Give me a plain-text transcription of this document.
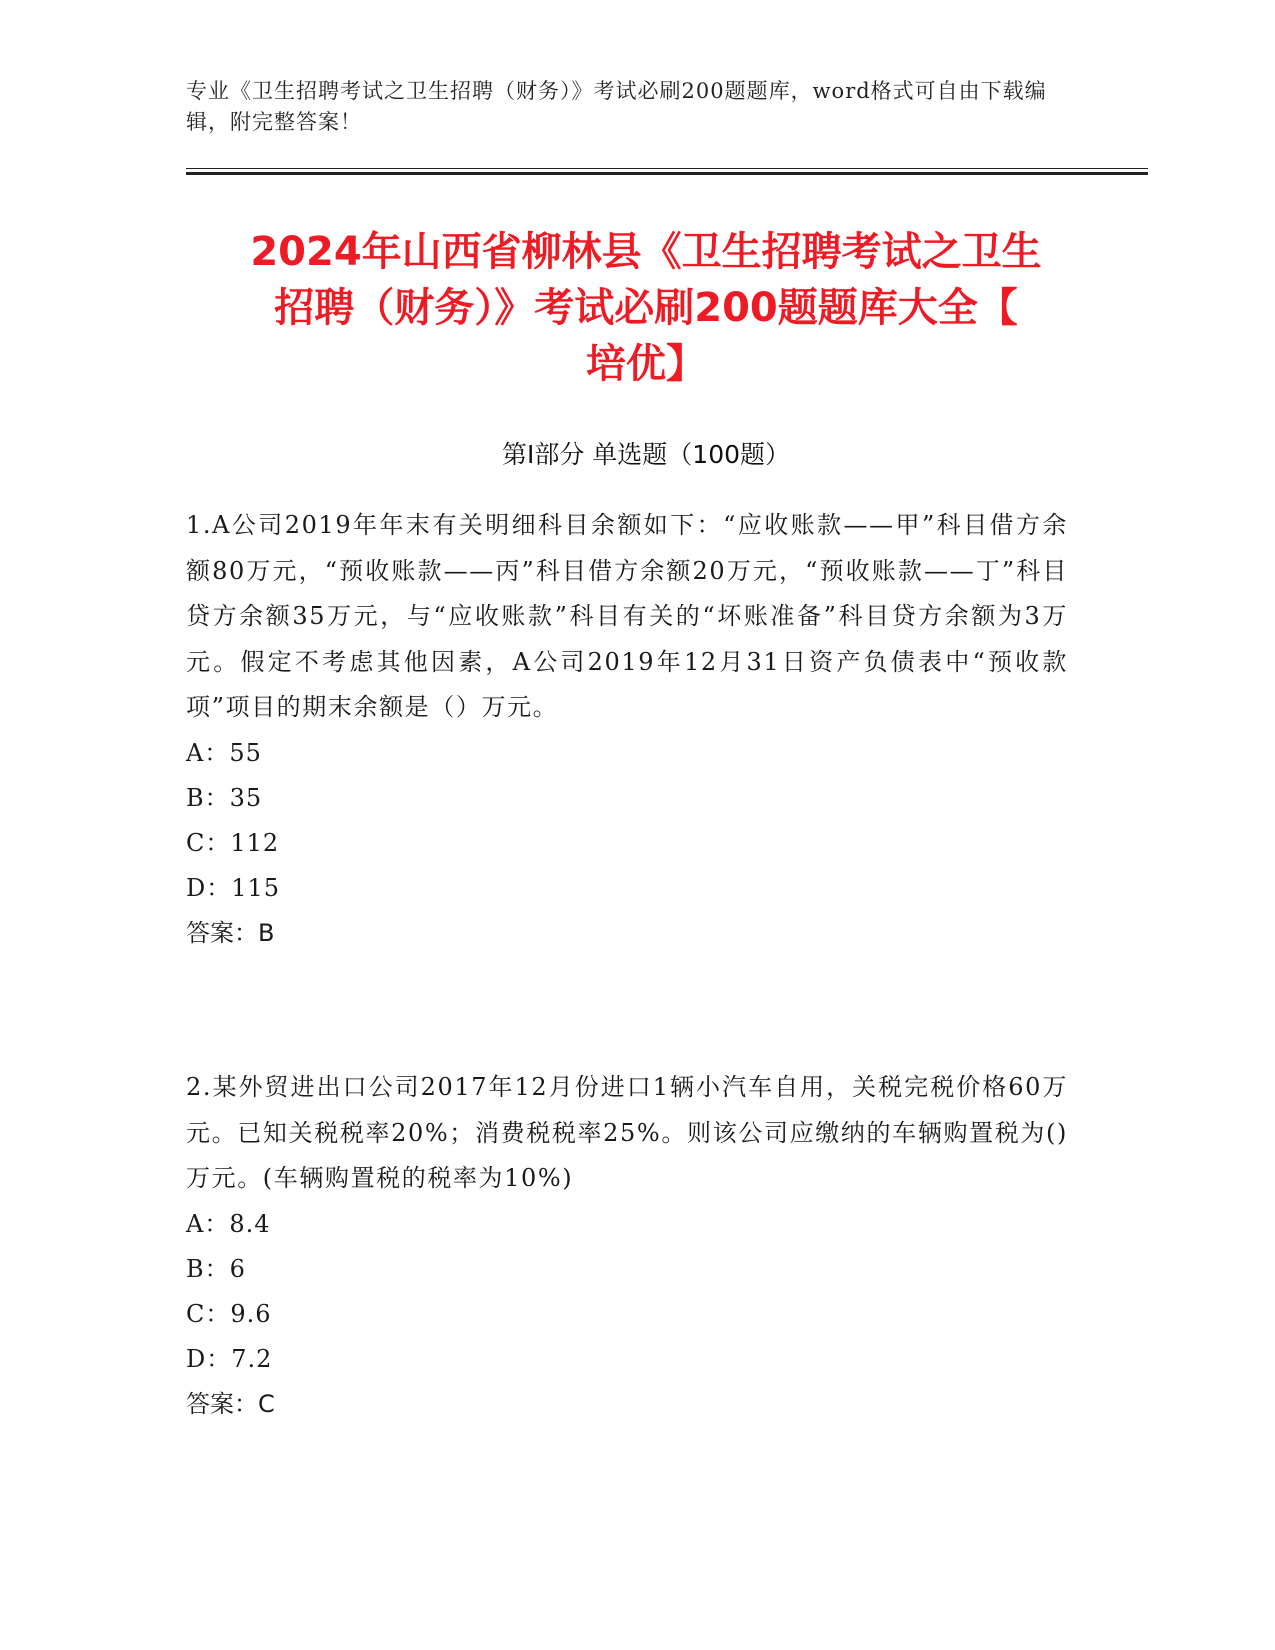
专业《卫生招聘考试之卫生招聘（财务）》考试必刷200题题库，word格式可自由下载编辑，附完整答案！
2024年山西省柳林县《卫生招聘考试之卫生
招聘（财务）》考试必刷200题题库大全【
培优】
第I部分 单选题（100题）

1.A公司2019年年末有关明细科目余额如下：“应收账款——甲”科目借方余额80万元，“预收账款——丙”科目借方余额20万元，“预收账款——丁”科目贷方余额35万元，与“应收账款”科目有关的“坏账准备”科目贷方余额为3万元。假定不考虑其他因素，A公司2019年12月31日资产负债表中“预收款项”项目的期末余额是（）万元。

A：55

B：35

C：112

D：115

答案：B

2.某外贸进出口公司2017年12月份进口1辆小汽车自用，关税完税价格60万元。已知关税税率20%；消费税税率25%。则该公司应缴纳的车辆购置税为()万元。(车辆购置税的税率为10%)

A：8.4

B：6

C：9.6

D：7.2

答案：C
